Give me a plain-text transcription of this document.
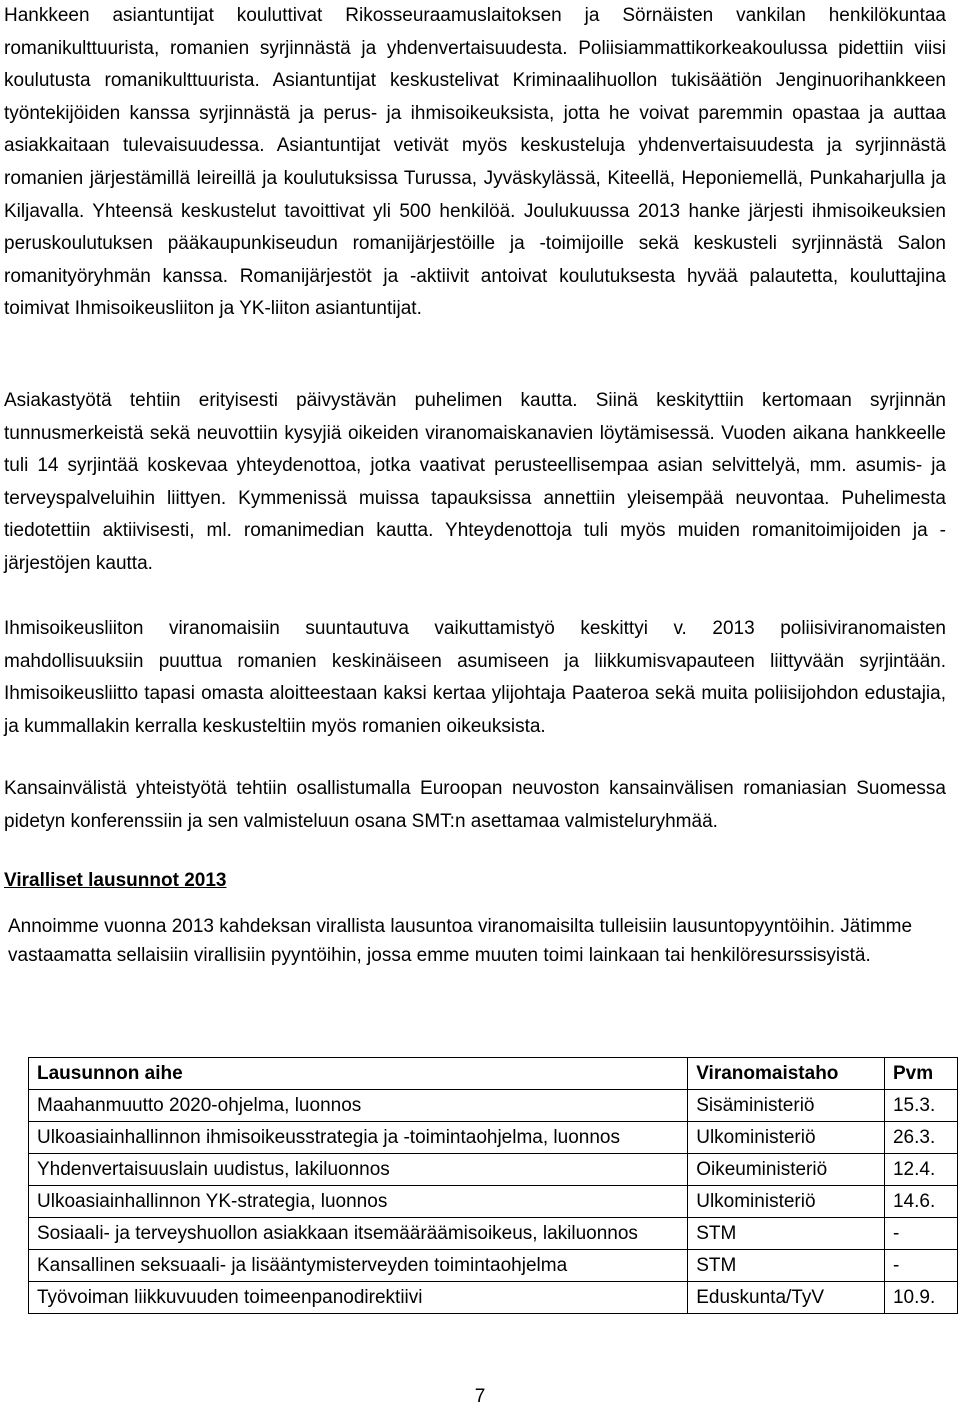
Hankkeen asiantuntijat kouluttivat Rikosseuraamuslaitoksen ja Sörnäisten vankilan henkilökuntaa romanikulttuurista, romanien syrjinnästä ja yhdenvertaisuudesta. Poliisiammattikorkeakoulussa pidettiin viisi koulutusta romanikulttuurista. Asiantuntijat keskustelivat Kriminaalihuollon tukisäätiön Jenginuorihankkeen työntekijöiden kanssa syrjinnästä ja perus- ja ihmisoikeuksista, jotta he voivat paremmin opastaa ja auttaa asiakkaitaan tulevaisuudessa. Asiantuntijat vetivät myös keskusteluja yhdenvertaisuudesta ja syrjinnästä romanien järjestämillä leireillä ja koulutuksissa Turussa, Jyväskylässä, Kiteellä, Heponiemellä, Punkaharjulla ja Kiljavalla. Yhteensä keskustelut tavoittivat yli 500 henkilöä. Joulukuussa 2013 hanke järjesti ihmisoikeuksien peruskoulutuksen pääkaupunkiseudun romanijärjestöille ja -toimijoille sekä keskusteli syrjinnästä Salon romanityöryhmän kanssa. Romanijärjestöt ja -aktiivit antoivat koulutuksesta hyvää palautetta, kouluttajina toimivat Ihmisoikeusliiton ja YK-liiton asiantuntijat.

Asiakastyötä tehtiin erityisesti päivystävän puhelimen kautta. Siinä keskityttiin kertomaan syrjinnän tunnusmerkeistä sekä neuvottiin kysyjiä oikeiden viranomaiskanavien löytämisessä. Vuoden aikana hankkeelle tuli 14 syrjintää koskevaa yhteydenottoa, jotka vaativat perusteellisempaa asian selvittelyä, mm. asumis- ja terveyspalveluihin liittyen. Kymmenissä muissa tapauksissa annettiin yleisempää neuvontaa. Puhelimesta tiedotettiin aktiivisesti, ml. romanimedian kautta. Yhteydenottoja tuli myös muiden romanitoimijoiden ja -järjestöjen kautta.

Ihmisoikeusliiton viranomaisiin suuntautuva vaikuttamistyö keskittyi v. 2013 poliisiviranomaisten mahdollisuuksiin puuttua romanien keskinäiseen asumiseen ja liikkumisvapauteen liittyvään syrjintään. Ihmisoikeusliitto tapasi omasta aloitteestaan kaksi kertaa ylijohtaja Paateroa sekä muita poliisijohdon edustajia, ja kummallakin kerralla keskusteltiin myös romanien oikeuksista.

Kansainvälistä yhteistyötä tehtiin osallistumalla Euroopan neuvoston kansainvälisen romaniasian Suomessa pidetyn konferenssiin ja sen valmisteluun osana SMT:n asettamaa valmisteluryhmää.

Viralliset lausunnot 2013

Annoimme vuonna 2013 kahdeksan virallista lausuntoa viranomaisilta tulleisiin lausuntopyyntöihin. Jätimme vastaamatta sellaisiin virallisiin pyyntöihin, jossa emme muuten toimi lainkaan tai henkilöresurssisyistä.

Lausunnon aihe	Viranomaistaho	Pvm
Maahanmuutto 2020-ohjelma, luonnos	Sisäministeriö	15.3.
Ulkoasiainhallinnon ihmisoikeusstrategia ja -toimintaohjelma, luonnos	Ulkoministeriö	26.3.
Yhdenvertaisuuslain uudistus, lakiluonnos	Oikeuministeriö	12.4.
Ulkoasiainhallinnon YK-strategia, luonnos	Ulkoministeriö	14.6.
Sosiaali- ja terveyshuollon asiakkaan itsemääräämisoikeus, lakiluonnos	STM	-
Kansallinen seksuaali- ja lisääntymisterveyden toimintaohjelma	STM	-
Työvoiman liikkuvuuden toimeenpanodirektiivi	Eduskunta/TyV	10.9.
7
